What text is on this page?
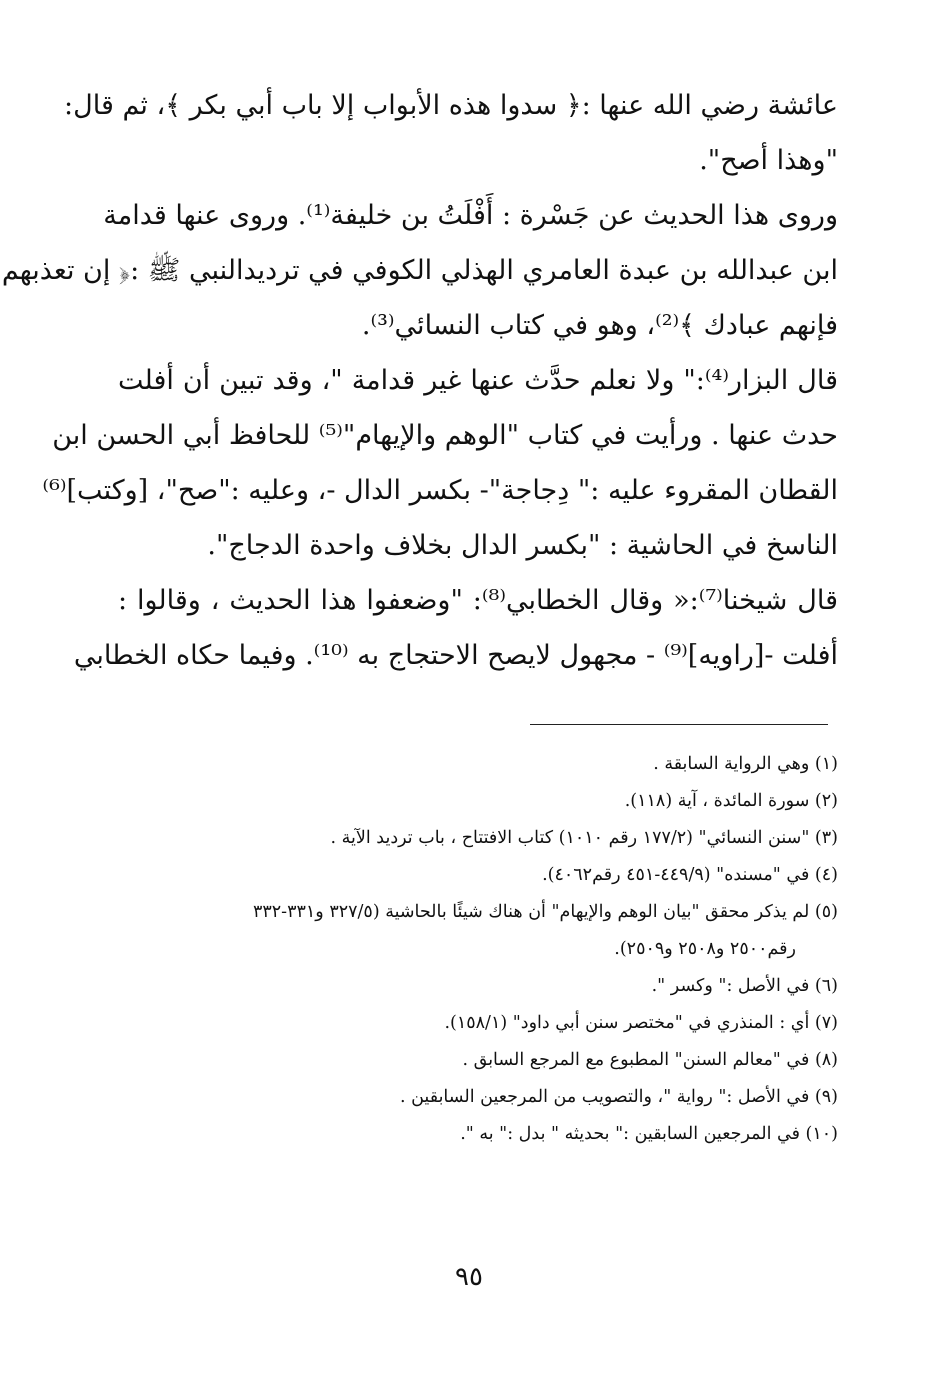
عائشة رضي الله عنها :﴿ سدوا هذه الأبواب إلا باب أبي بكر ﴾، ثم قال:
"وهذا أصح".
وروى هذا الحديث عن جَسْرة : أَفْلَتُ بن خليفة⁽¹⁾. وروى عنها قدامة
ابن عبدالله بن عبدة العامري الهذلي الكوفي في ترديدالنبي ﷺ :﴿ إن تعذبهم
فإنهم عبادك ﴾⁽²⁾، وهو في كتاب النسائي⁽³⁾.
قال البزار⁽⁴⁾:" ولا نعلم حدَّث عنها غير قدامة "، وقد تبين أن أفلت
حدث عنها . ورأيت في كتاب "الوهم والإيهام"⁽⁵⁾ للحافظ أبي الحسن ابن
القطان المقروء عليه :" دِجاجة"- بكسر الدال -، وعليه :"صح"، [وكتب]⁽⁶⁾
الناسخ في الحاشية : "بكسر الدال بخلاف واحدة الدجاج".
قال شيخنا⁽⁷⁾:« وقال الخطابي⁽⁸⁾: "وضعفوا هذا الحديث ، وقالوا :
أفلت -[راويه]⁽⁹⁾ - مجهول لايصح الاحتجاج به ⁽¹⁰⁾. وفيما حكاه الخطابي
(١) وهي الرواية السابقة .
(٢) سورة المائدة ، آية (١١٨).
(٣) "سنن النسائي" (١٧٧/٢ رقم ١٠١٠) كتاب الافتتاح ، باب ترديد الآية .
(٤) في "مسنده" (٤٤٩/٩-٤٥١ رقم٤٠٦٢).
(٥) لم يذكر محقق "بيان الوهم والإيهام" أن هناك شيئًا بالحاشية (٣٢٧/٥ و٣٣١-٣٣٢
رقم٢٥٠٠ و٢٥٠٨ و٢٥٠٩).
(٦) في الأصل :" وكسر ".
(٧) أي : المنذري في "مختصر سنن أبي داود" (١٥٨/١).
(٨) في "معالم السنن" المطبوع مع المرجع السابق .
(٩) في الأصل :" رواية "، والتصويب من المرجعين السابقين .
(١٠) في المرجعين السابقين :" بحديثه " بدل :" به ".
٩٥
